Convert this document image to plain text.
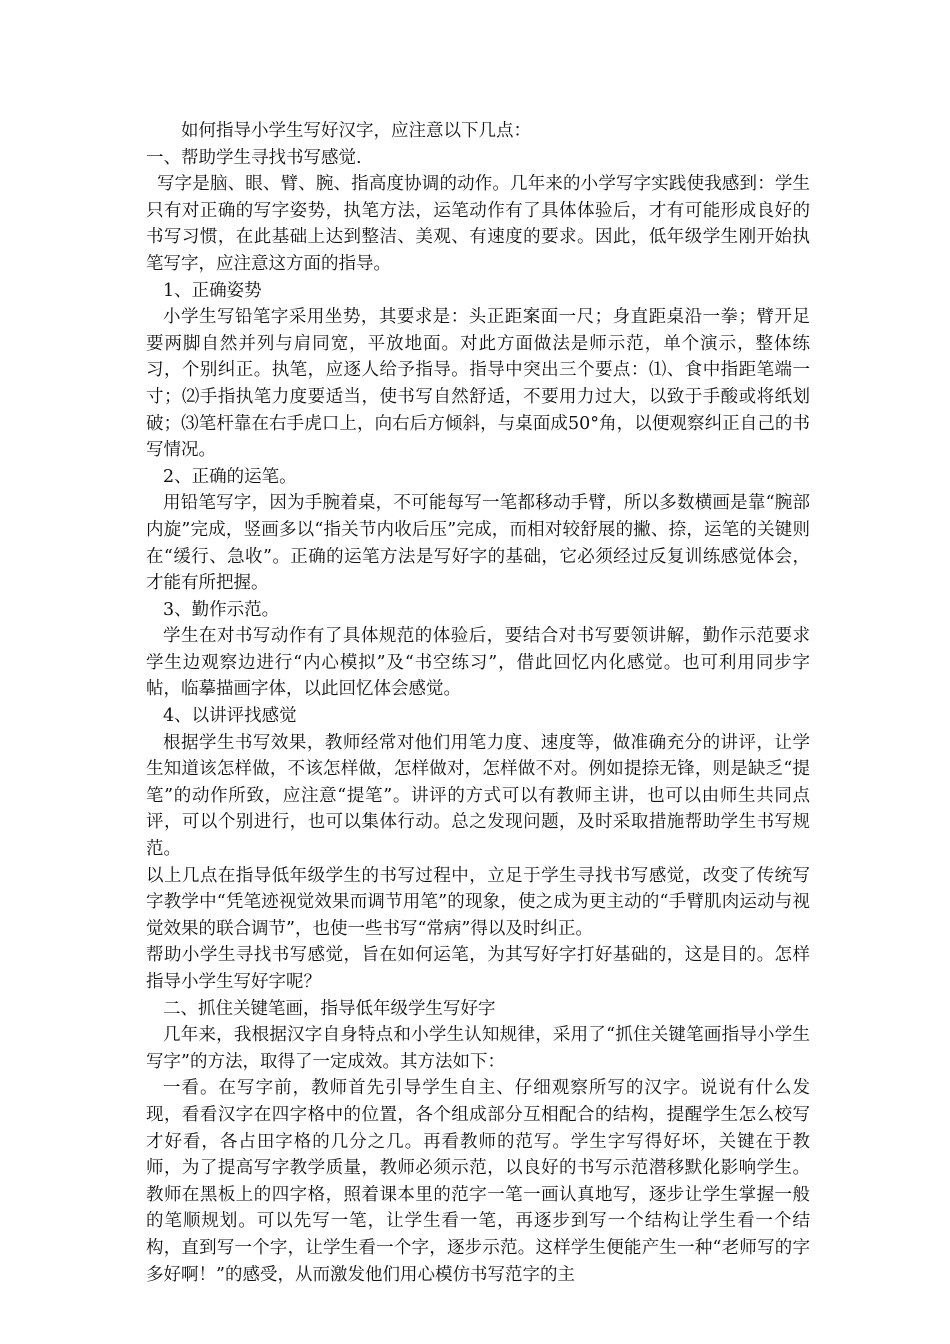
如何指导小学生写好汉字，应注意以下几点：

一、帮助学生寻找书写感觉.

写字是脑、眼、臂、腕、指高度协调的动作。几年来的小学写字实践使我感到：学生只有对正确的写字姿势，执笔方法，运笔动作有了具体体验后，才有可能形成良好的书写习惯，在此基础上达到整洁、美观、有速度的要求。因此，低年级学生刚开始执笔写字，应注意这方面的指导。

1、正确姿势

小学生写铅笔字采用坐势，其要求是：头正距案面一尺；身直距桌沿一拳；臂开足要两脚自然并列与肩同宽，平放地面。对此方面做法是师示范，单个演示，整体练习，个别纠正。执笔，应逐人给予指导。指导中突出三个要点：⑴、食中指距笔端一寸；⑵手指执笔力度要适当，使书写自然舒适，不要用力过大，以致于手酸或将纸划破；⑶笔杆靠在右手虎口上，向右后方倾斜，与桌面成50°角，以便观察纠正自己的书写情况。

2、正确的运笔。

用铅笔写字，因为手腕着桌，不可能每写一笔都移动手臂，所以多数横画是靠“腕部内旋”完成，竖画多以“指关节内收后压”完成，而相对较舒展的撇、捺，运笔的关键则在“缓行、急收”。正确的运笔方法是写好字的基础，它必须经过反复训练感觉体会，才能有所把握。

3、勤作示范。

学生在对书写动作有了具体规范的体验后，要结合对书写要领讲解，勤作示范要求学生边观察边进行“内心模拟”及“书空练习”，借此回忆内化感觉。也可利用同步字帖，临摹描画字体，以此回忆体会感觉。

4、以讲评找感觉

根据学生书写效果，教师经常对他们用笔力度、速度等，做准确充分的讲评，让学生知道该怎样做，不该怎样做，怎样做对，怎样做不对。例如提捺无锋，则是缺乏“提笔”的动作所致，应注意“提笔”。讲评的方式可以有教师主讲，也可以由师生共同点评，可以个别进行，也可以集体行动。总之发现问题，及时采取措施帮助学生书写规范。

以上几点在指导低年级学生的书写过程中，立足于学生寻找书写感觉，改变了传统写字教学中“凭笔迹视觉效果而调节用笔”的现象，使之成为更主动的“手臂肌肉运动与视觉效果的联合调节”，也使一些书写“常病”得以及时纠正。

帮助小学生寻找书写感觉，旨在如何运笔，为其写好字打好基础的，这是目的。怎样指导小学生写好字呢？

二、抓住关键笔画，指导低年级学生写好字

几年来，我根据汉字自身特点和小学生认知规律，采用了“抓住关键笔画指导小学生写字”的方法，取得了一定成效。其方法如下：

一看。在写字前，教师首先引导学生自主、仔细观察所写的汉字。说说有什么发现，看看汉字在四字格中的位置，各个组成部分互相配合的结构，提醒学生怎么校写才好看，各占田字格的几分之几。再看教师的范写。学生字写得好坏，关键在于教师，为了提高写字教学质量，教师必须示范，以良好的书写示范潜移默化影响学生。教师在黑板上的四字格，照着课本里的范字一笔一画认真地写，逐步让学生掌握一般的笔顺规划。可以先写一笔，让学生看一笔，再逐步到写一个结构让学生看一个结构，直到写一个字，让学生看一个字，逐步示范。这样学生便能产生一种“老师写的字多好啊！”的感受，从而激发他们用心模仿书写范字的主
